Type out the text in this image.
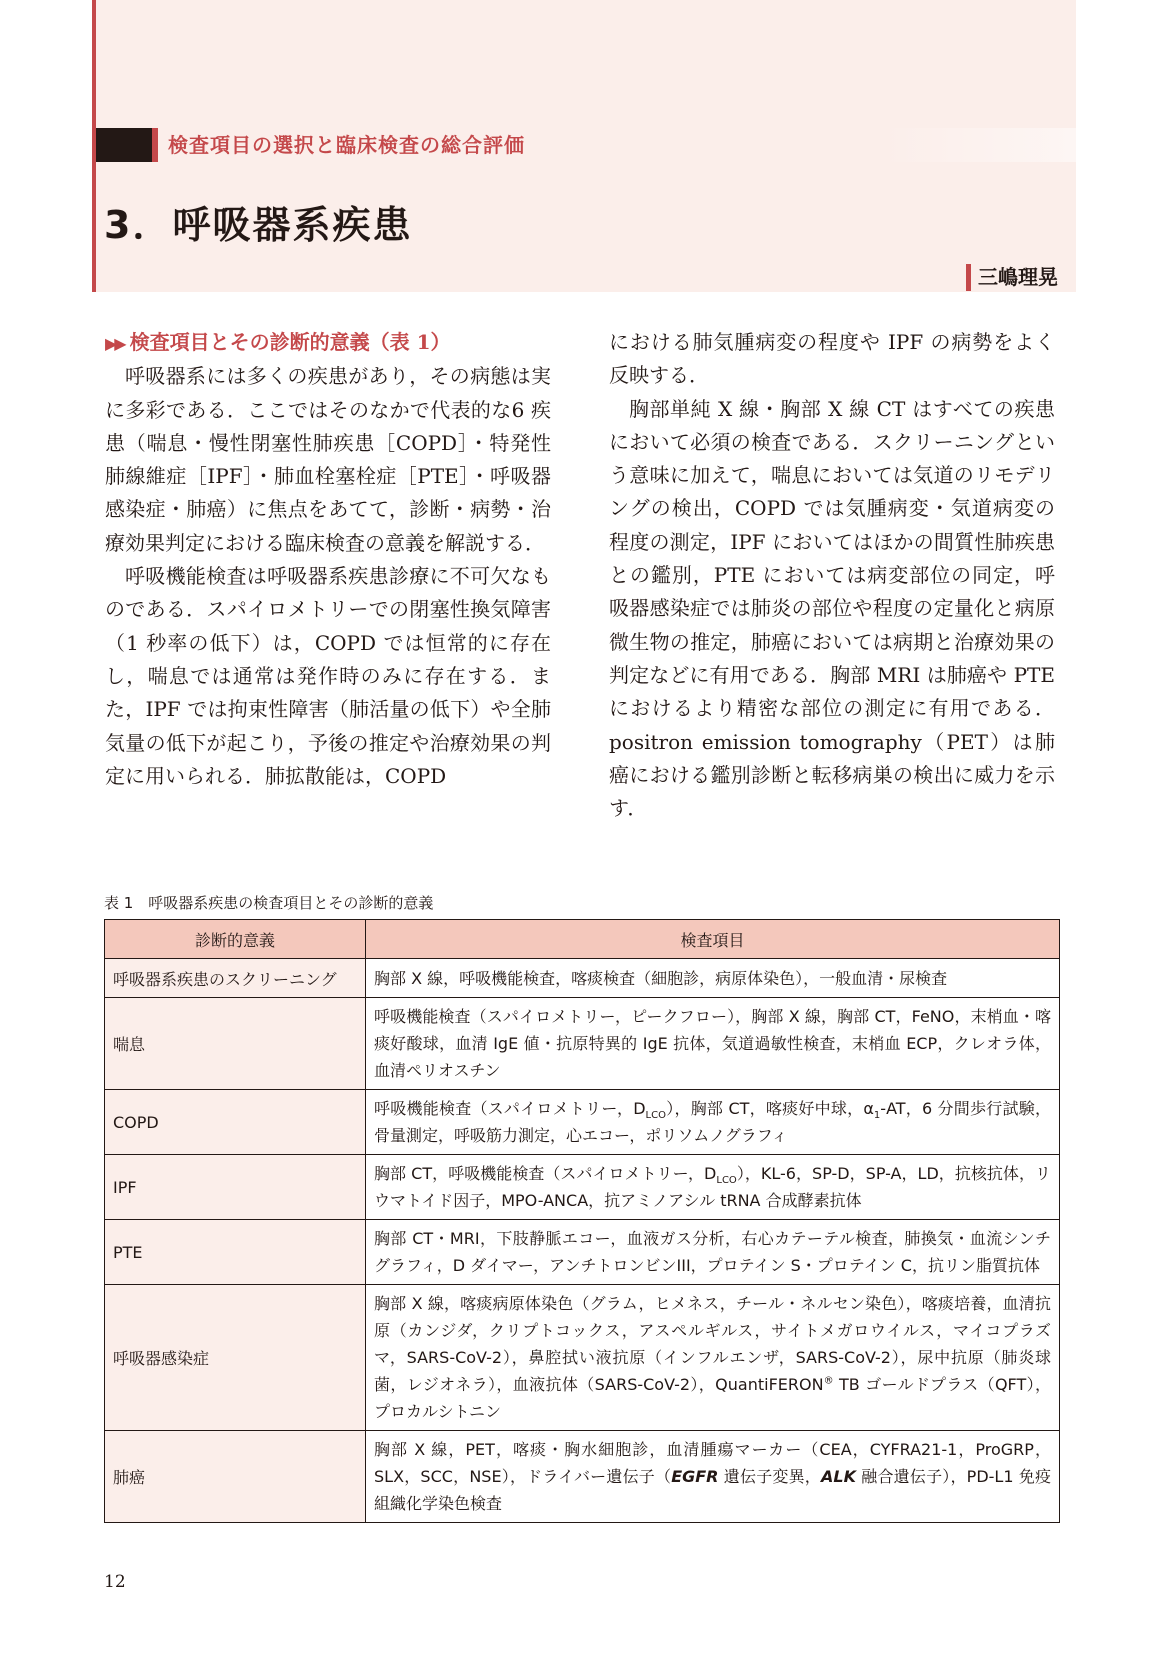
検査項目の選択と臨床検査の総合評価
3．呼吸器系疾患
三嶋理晃
▶▶ 検査項目とその診断的意義（表 1）

呼吸器系には多くの疾患があり，その病態は実に多彩である．ここではそのなかで代表的な6 疾患（喘息・慢性閉塞性肺疾患［COPD］・特発性肺線維症［IPF］・肺血栓塞栓症［PTE］・呼吸器感染症・肺癌）に焦点をあてて，診断・病勢・治療効果判定における臨床検査の意義を解説する．

呼吸機能検査は呼吸器系疾患診療に不可欠なものである．スパイロメトリーでの閉塞性換気障害（1 秒率の低下）は，COPD では恒常的に存在し，喘息では通常は発作時のみに存在する．また，IPF では拘束性障害（肺活量の低下）や全肺気量の低下が起こり，予後の推定や治療効果の判定に用いられる．肺拡散能は，COPD

における肺気腫病変の程度や IPF の病勢をよく反映する．

胸部単純 X 線・胸部 X 線 CT はすべての疾患において必須の検査である．スクリーニングという意味に加えて，喘息においては気道のリモデリングの検出，COPD では気腫病変・気道病変の程度の測定，IPF においてはほかの間質性肺疾患との鑑別，PTE においては病変部位の同定，呼吸器感染症では肺炎の部位や程度の定量化と病原微生物の推定，肺癌においては病期と治療効果の判定などに有用である．胸部 MRI は肺癌や PTE におけるより精密な部位の測定に有用である．positron emission tomography（PET）は肺癌における鑑別診断と転移病巣の検出に威力を示す．

表 1　呼吸器系疾患の検査項目とその診断的意義
診断的意義	検査項目
呼吸器系疾患のスクリーニング	胸部 X 線，呼吸機能検査，喀痰検査（細胞診，病原体染色），一般血清・尿検査
喘息	呼吸機能検査（スパイロメトリー，ピークフロー），胸部 X 線，胸部 CT，FeNO，末梢血・喀痰好酸球，血清 IgE 値・抗原特異的 IgE 抗体，気道過敏性検査，末梢血 ECP，クレオラ体，血清ペリオスチン
COPD	呼吸機能検査（スパイロメトリー，$D_{LCO}$），胸部 CT，喀痰好中球，$\alpha_1-AT$，6 分間歩行試験，骨量測定，呼吸筋力測定，心エコー，ポリソムノグラフィ
IPF	胸部 CT，呼吸機能検査（スパイロメトリー，$D_{LCO}$），KL-6，SP-D，SP-A，LD，抗核抗体，リウマトイド因子，MPO-ANCA，抗アミノアシル tRNA 合成酵素抗体
PTE	胸部 CT・MRI，下肢静脈エコー，血液ガス分析，右心カテーテル検査，肺換気・血流シンチグラフィ，D ダイマー，アンチトロンビンIII，プロテイン S・プロテイン C，抗リン脂質抗体
呼吸器感染症	胸部 X 線，喀痰病原体染色（グラム，ヒメネス，チール・ネルセン染色），喀痰培養，血清抗原（カンジダ，クリプトコックス，アスペルギルス，サイトメガロウイルス，マイコプラズマ，SARS-CoV-2），鼻腔拭い液抗原（インフルエンザ，SARS-CoV-2），尿中抗原（肺炎球菌，レジオネラ），血液抗体（SARS-CoV-2），QuantiFERON® TB ゴールドプラス（QFT），プロカルシトニン
肺癌	胸部 X 線，PET，喀痰・胸水細胞診，血清腫瘍マーカー（CEA，CYFRA21-1，ProGRP，SLX，SCC，NSE），ドライバー遺伝子（EGFR 遺伝子変異，ALK 融合遺伝子），PD-L1 免疫組織化学染色検査
12
